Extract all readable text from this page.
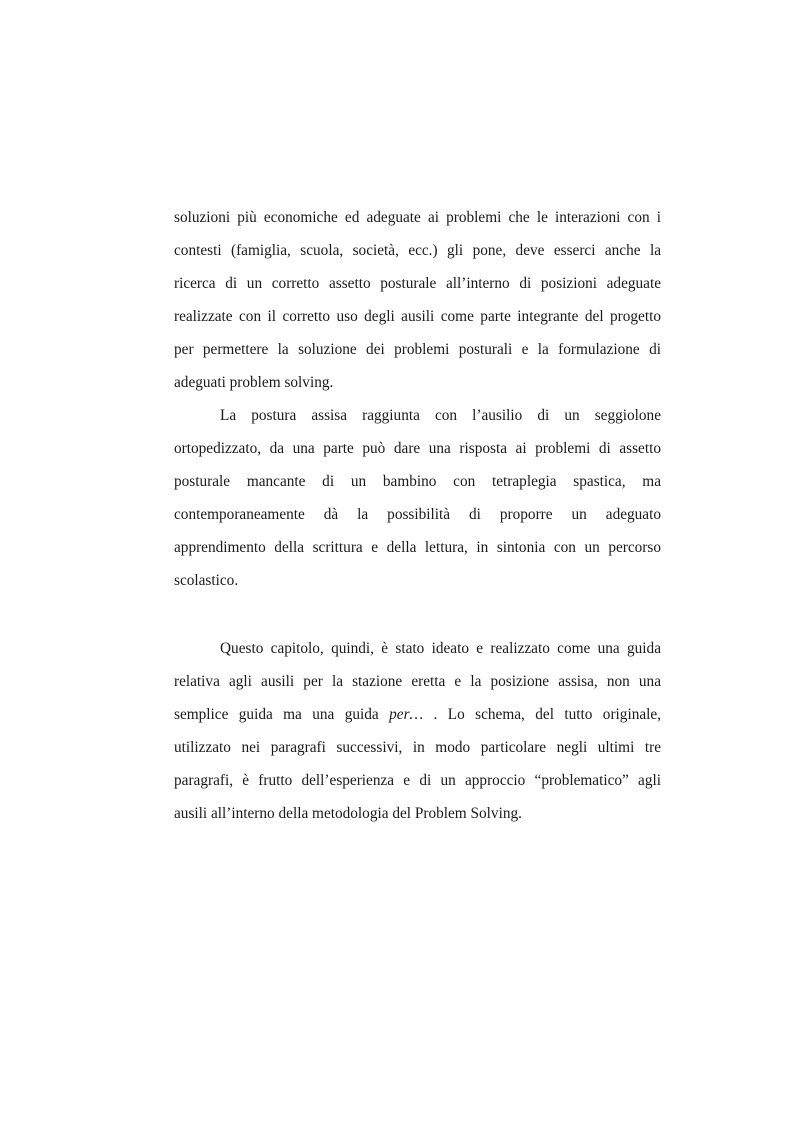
soluzioni più economiche ed adeguate ai problemi che le interazioni con i
contesti (famiglia, scuola, società, ecc.) gli pone, deve esserci anche la
ricerca di un corretto assetto posturale all’interno di posizioni adeguate
realizzate con il corretto uso degli ausili come parte integrante del progetto
per permettere la soluzione dei problemi posturali e la formulazione di
adeguati problem solving.
La postura assisa raggiunta con l’ausilio di un seggiolone
ortopedizzato, da una parte può dare una risposta ai problemi di assetto
posturale mancante di un bambino con tetraplegia spastica, ma
contemporaneamente dà la possibilità di proporre un adeguato
apprendimento della scrittura e della lettura, in sintonia con un percorso
scolastico.
Questo capitolo, quindi, è stato ideato e realizzato come una guida
relativa agli ausili per la stazione eretta e la posizione assisa, non una
semplice guida ma una guida per… . Lo schema, del tutto originale,
utilizzato nei paragrafi successivi, in modo particolare negli ultimi tre
paragrafi, è frutto dell’esperienza e di un approccio “problematico” agli
ausili all’interno della metodologia del Problem Solving.
